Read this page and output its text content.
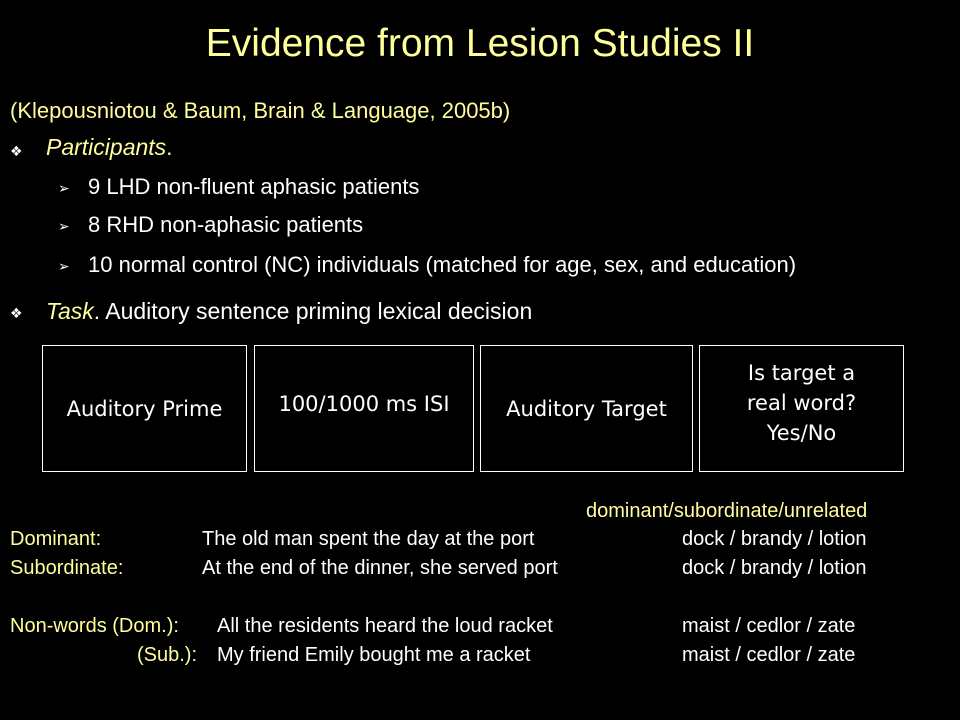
Evidence from Lesion Studies II
(Klepousniotou & Baum, Brain & Language, 2005b)
❖ Participants.
➢ 9 LHD non-fluent aphasic patients
➢ 8 RHD non-aphasic patients
➢ 10 normal control (NC) individuals (matched for age, sex, and education)
❖ Task. Auditory sentence priming lexical decision
Auditory Prime	100/1000 ms ISI	Auditory Target
Is target a
real word?
Yes/No
dominant/subordinate/unrelated
Dominant:	The old man spent the day at the port	dock / brandy / lotion
Subordinate:	At the end of the dinner, she served port	dock / brandy / lotion
Non-words (Dom.): All the residents heard the loud racket	maist / cedlor / zate
(Sub.): My friend Emily bought me a racket	maist / cedlor / zate
